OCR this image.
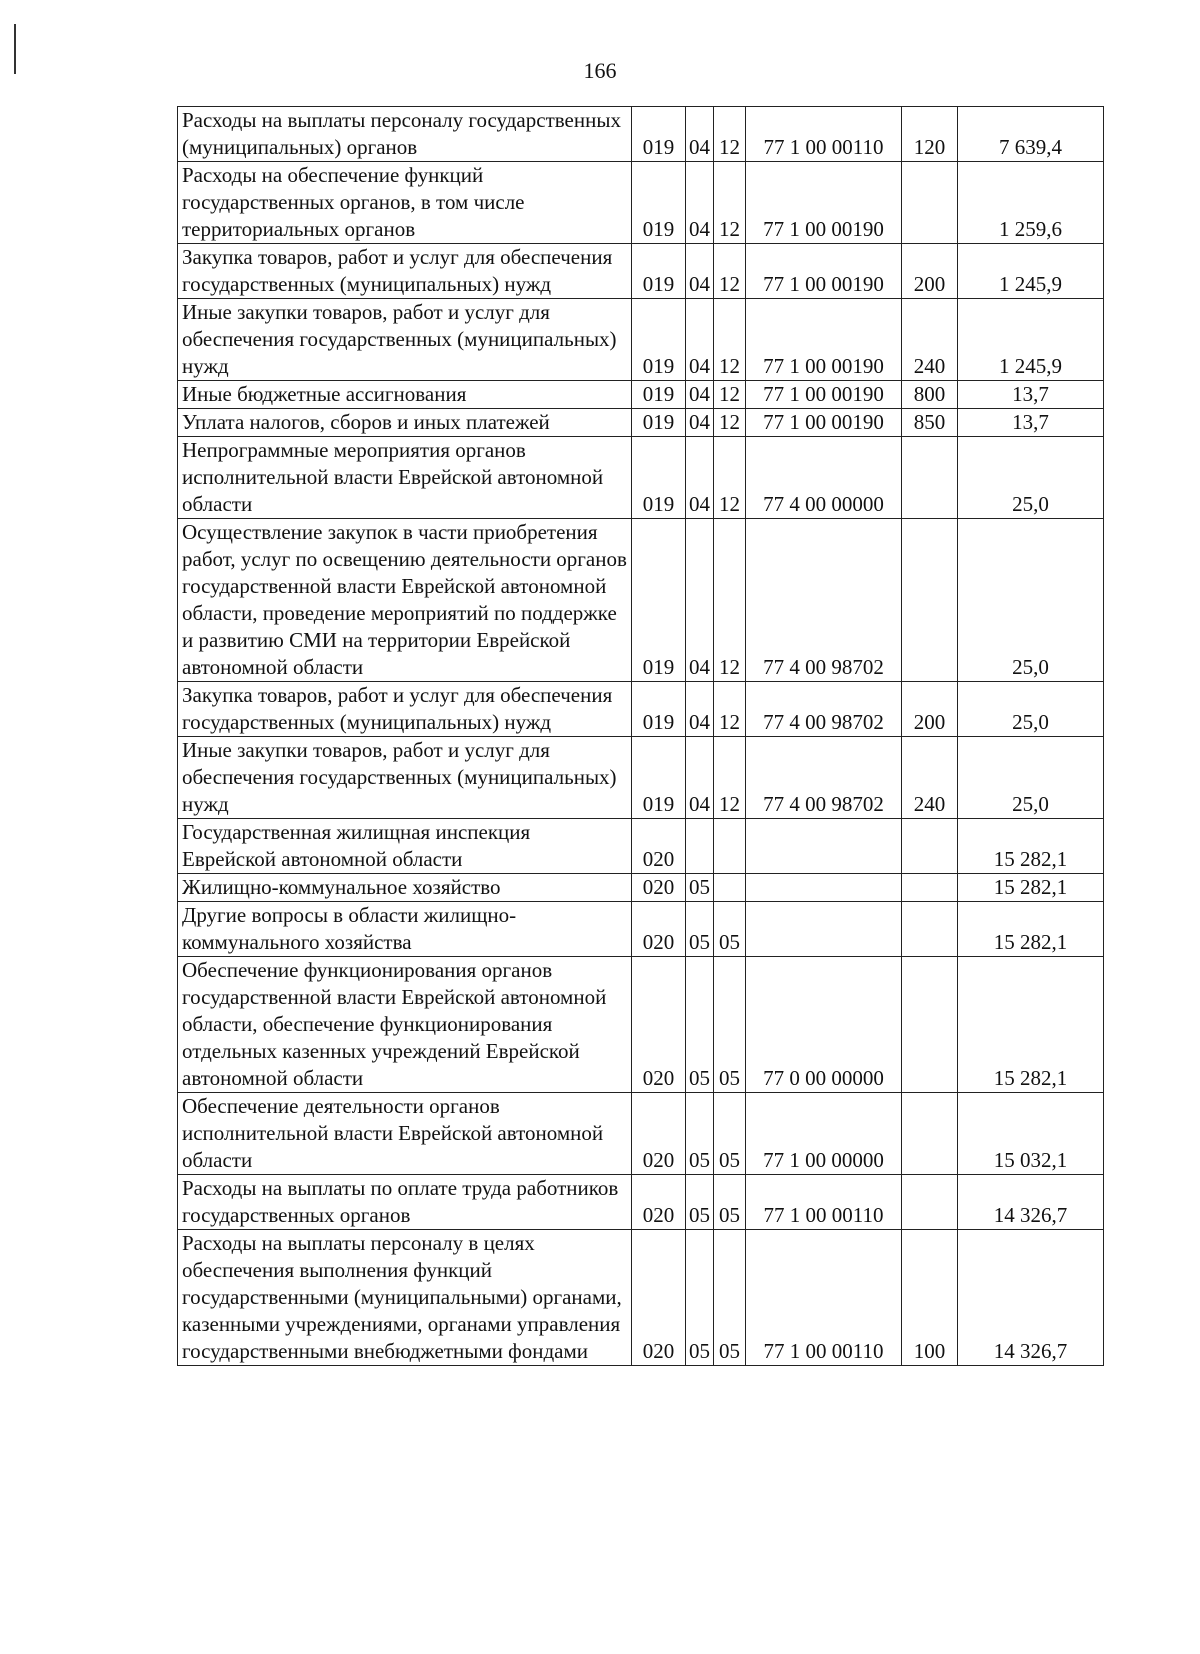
166
Расходы на выплаты персоналу государственных (муниципальных) органов	019	04	12	77 1 00 00110	120	7 639,4
Расходы на обеспечение функций государственных органов, в том числе территориальных органов	019	04	12	77 1 00 00190		1 259,6
Закупка товаров, работ и услуг для обеспечения государственных (муниципальных) нужд	019	04	12	77 1 00 00190	200	1 245,9
Иные закупки товаров, работ и услуг для обеспечения государственных (муниципальных) нужд	019	04	12	77 1 00 00190	240	1 245,9
Иные бюджетные ассигнования	019	04	12	77 1 00 00190	800	13,7
Уплата налогов, сборов и иных платежей	019	04	12	77 1 00 00190	850	13,7
Непрограммные мероприятия органов исполнительной власти Еврейской автономной области	019	04	12	77 4 00 00000		25,0
Осуществление закупок в части приобретения работ, услуг по освещению деятельности органов государственной власти Еврейской автономной области, проведение мероприятий по поддержке и развитию СМИ на территории Еврейской автономной области	019	04	12	77 4 00 98702		25,0
Закупка товаров, работ и услуг для обеспечения государственных (муниципальных) нужд	019	04	12	77 4 00 98702	200	25,0
Иные закупки товаров, работ и услуг для обеспечения государственных (муниципальных) нужд	019	04	12	77 4 00 98702	240	25,0
Государственная жилищная инспекция Еврейской автономной области	020					15 282,1
Жилищно-коммунальное хозяйство	020	05				15 282,1
Другие вопросы в области жилищно-коммунального хозяйства	020	05	05			15 282,1
Обеспечение функционирования органов государственной власти Еврейской автономной области, обеспечение функционирования отдельных казенных учреждений Еврейской автономной области	020	05	05	77 0 00 00000		15 282,1
Обеспечение деятельности органов исполнительной власти Еврейской автономной области	020	05	05	77 1 00 00000		15 032,1
Расходы на выплаты по оплате труда работников государственных органов	020	05	05	77 1 00 00110		14 326,7
Расходы на выплаты персоналу в целях обеспечения выполнения функций государственными (муниципальными) органами, казенными учреждениями, органами управления государственными внебюджетными фондами	020	05	05	77 1 00 00110	100	14 326,7
